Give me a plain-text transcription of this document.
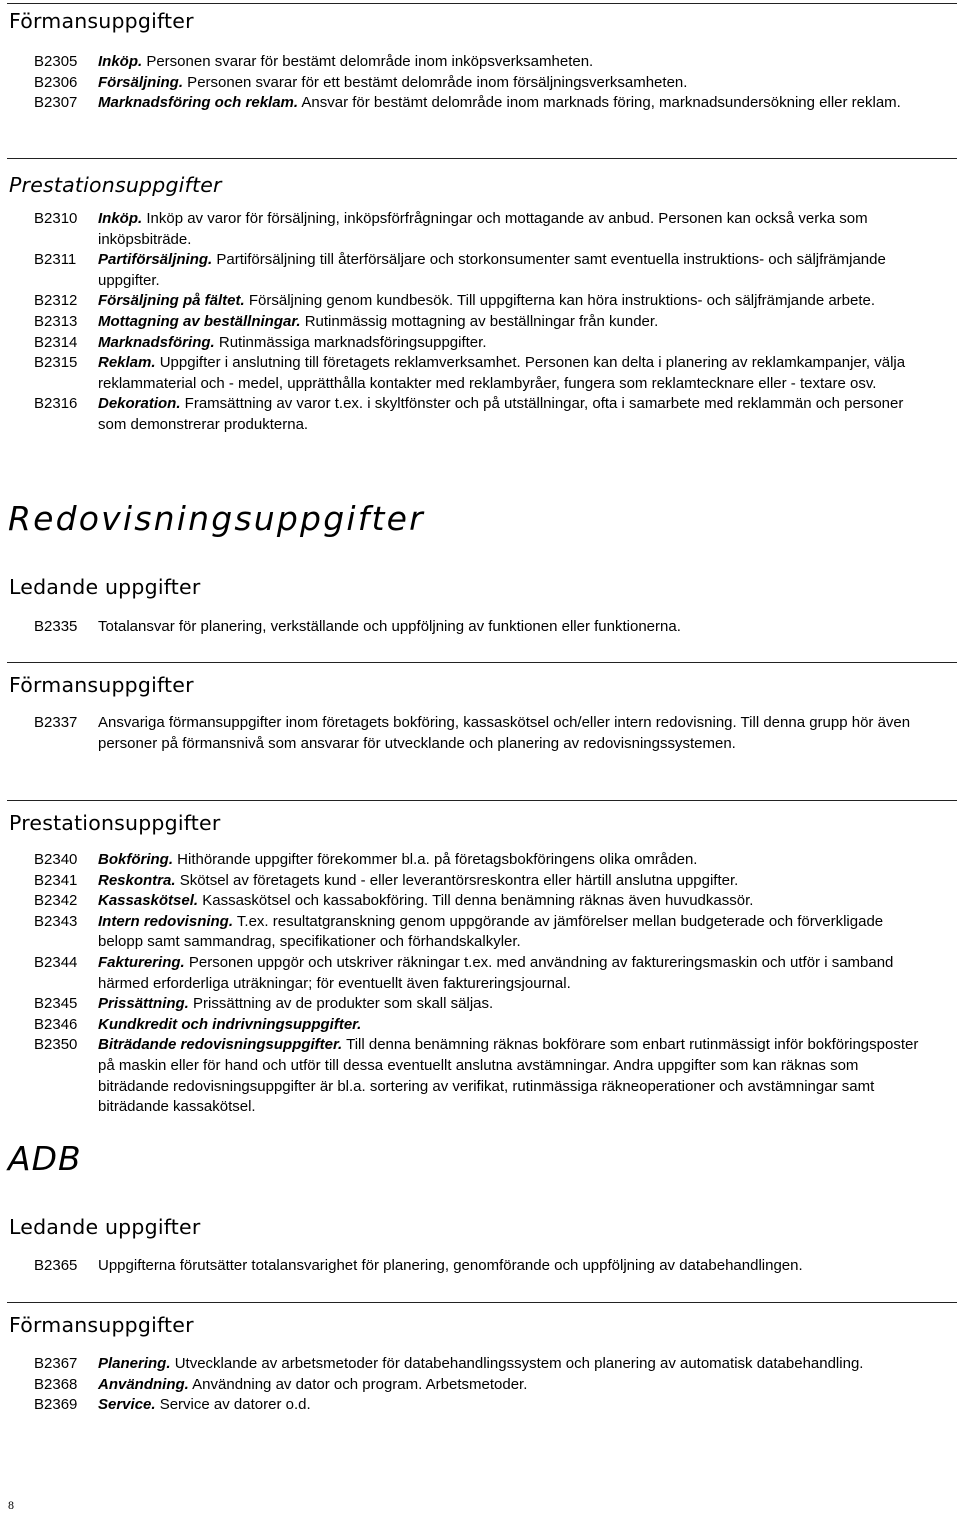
Förmansuppgifter
B2305 Inköp. Personen svarar för bestämt delområde inom inköpsverksamheten.
B2306 Försäljning. Personen svarar för ett bestämt delområde inom försäljningsverksamheten.
B2307 Marknadsföring och reklam. Ansvar för bestämt delområde inom marknads föring, marknadsundersökning eller reklam.
Prestationsuppgifter
B2310 Inköp. Inköp av varor för försäljning, inköpsförfrågningar och mottagande av anbud. Personen kan också verka som inköpsbiträde.
B2311 Partiförsäljning. Partiförsäljning till återförsäljare och storkonsumenter samt eventuella instruktions- och säljfrämjande uppgifter.
B2312 Försäljning på fältet. Försäljning genom kundbesök. Till uppgifterna kan höra instruktions- och säljfrämjande arbete.
B2313 Mottagning av beställningar. Rutinmässig mottagning av beställningar från kunder.
B2314 Marknadsföring. Rutinmässiga marknadsföringsuppgifter.
B2315 Reklam. Uppgifter i anslutning till företagets reklamverksamhet. Personen kan delta i planering av reklamkampanjer, välja reklammaterial och - medel, upprätthålla kontakter med reklambyråer, fungera som reklamtecknare eller - textare osv.
B2316 Dekoration. Framsättning av varor t.ex. i skyltfönster och på utställningar, ofta i samarbete med reklammän och personer som demonstrerar produkterna.
Redovisningsuppgifter
Ledande uppgifter
B2335 Totalansvar för planering, verkställande och uppföljning av funktionen eller funktionerna.
Förmansuppgifter
B2337 Ansvariga förmansuppgifter inom företagets bokföring, kassaskötsel och/eller intern redovisning. Till denna grupp hör även personer på förmansnivå som ansvarar för utvecklande och planering av redovisningssystemen.
Prestationsuppgifter
B2340 Bokföring. Hithörande uppgifter förekommer bl.a. på företagsbokföringens olika områden.
B2341 Reskontra. Skötsel av företagets kund - eller leverantörsreskontra eller härtill anslutna uppgifter.
B2342 Kassaskötsel. Kassaskötsel och kassabokföring. Till denna benämning räknas även huvudkassör.
B2343 Intern redovisning. T.ex. resultatgranskning genom uppgörande av jämförelser mellan budgeterade och förverkligade belopp samt sammandrag, specifikationer och förhandskalkyler.
B2344 Fakturering. Personen uppgör och utskriver räkningar t.ex. med användning av faktureringsmaskin och utför i samband härmed erforderliga uträkningar; för eventuellt även faktureringsjournal.
B2345 Prissättning. Prissättning av de produkter som skall säljas.
B2346 Kundkredit och indrivningsuppgifter.
B2350 Biträdande redovisningsuppgifter. Till denna benämning räknas bokförare som enbart rutinmässigt inför bokföringsposter på maskin eller för hand och utför till dessa eventuellt anslutna avstämningar. Andra uppgifter som kan räknas som biträdande redovisningsuppgifter är bl.a. sortering av verifikat, rutinmässiga räkneoperationer och avstämningar samt biträdande kassakötsel.
ADB
Ledande uppgifter
B2365 Uppgifterna förutsätter totalansvarighet för planering, genomförande och uppföljning av databehandlingen.
Förmansuppgifter
B2367 Planering. Utvecklande av arbetsmetoder för databehandlingssystem och planering av automatisk databehandling.
B2368 Användning. Användning av dator och program. Arbetsmetoder.
B2369 Service. Service av datorer o.d.
8
